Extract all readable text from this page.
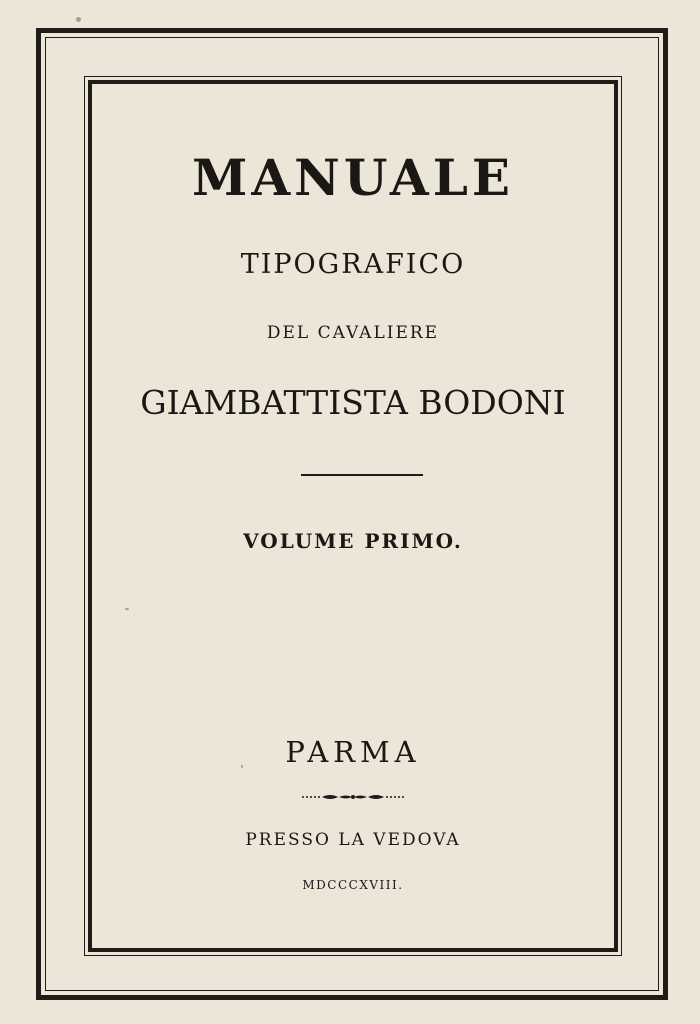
MANUALE
TIPOGRAFICO
DEL CAVALIERE
GIAMBATTISTA BODONI
VOLUME PRIMO.
PARMA
PRESSO LA VEDOVA
MDCCCXVIII.
